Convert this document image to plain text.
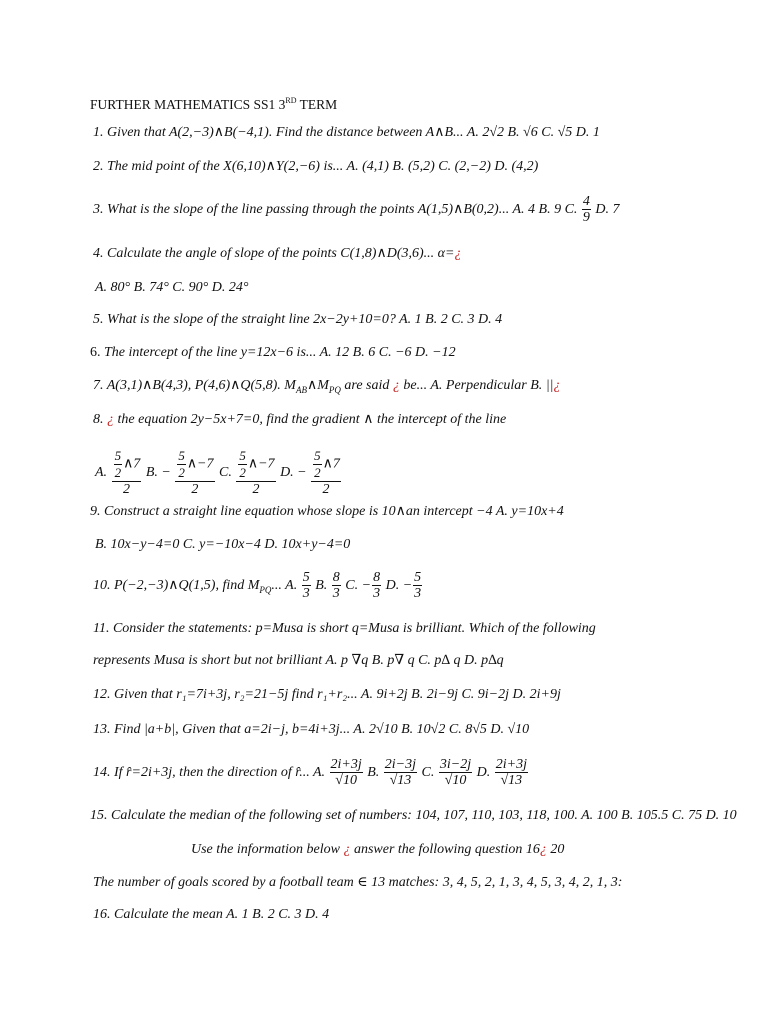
FURTHER MATHEMATICS SS1 3RD TERM
1. Given that A(2,−3)∧B(−4,1). Find the distance between A∧B... A. 2√2 B. √6 C. √5 D. 1
2. The mid point of the X(6,10)∧Y(2,−6) is... A. (4,1) B. (5,2) C. (2,−2) D. (4,2)
3. What is the slope of the line passing through the points A(1,5)∧B(0,2)... A. 4 B. 9 C. $\frac{4}{9} D$. 7
4. Calculate the angle of slope of the points C(1,8)∧D(3,6)... α=¿
A. 80° B. 74° C. 90° D. 24°
5. What is the slope of the straight line 2x−2y+10=0? A. 1 B. 2 C. 3 D. 4
6. The intercept of the line y=12x−6 is... A. 12 B. 6 C. −6 D. −12
7. A(3,1)∧B(4,3), P(4,6)∧Q(5,8). $M_{AB}\wedge M_{PQ}$ are said ¿ be... A. Perpendicular B. ||¿
8. ¿ the equation 2y−5x+7=0, find the gradient ∧ the intercept of the line
A. $\frac{\frac{5}{2} \wedge 7}{2} B$. − $\frac{\frac{5}{2} \wedge-7}{2} C$. $\frac{\frac{5}{2} \wedge-7}{2} D$. − $\frac{\frac{5}{2} \wedge 7}{2}$
9. Construct a straight line equation whose slope is 10∧an intercept −4 A. y=10x+4
B. 10x−y−4=0 C. y=−10x−4 D. 10x+y−4=0
10. P(−2,−3)∧Q(1,5), find $M_{PQ}$... A. $\frac{5}{3} B$. $\frac{8}{3} C$. − $\frac{8}{3} D$. − $\frac{5}{3}$
11. Consider the statements: p=Musa is short q=Musa is brilliant. Which of the following
represents Musa is short but not brilliant A. p ∇q B. p∇ q C. p∆ q D. p∆q
12. Given that r₁=7i+3j, r₂=21−5j find r₁+r₂... A. 9i+2j B. 2i−9j C. 9i−2j D. 2i+9j
13. Find |a+b|, Given that a=2i−j, b=4i+3j... A. 2√10 B. 10√2 C. 8√5 D. √10
14. If r̂=2i+3j, then the direction of r̂... A. $\frac{2i+3j}{√10} B$. $\frac{2i-3j}{√13} C$. $\frac{3i-2j}{√10} D$. $\frac{2i+3j}{√13}$
15. Calculate the median of the following set of numbers: 104, 107, 110, 103, 118, 100. A. 100 B. 105.5 C. 75 D. 10
Use the information below ¿ answer the following question 16¿ 20
The number of goals scored by a football team ∈ 13 matches: 3, 4, 5, 2, 1, 3, 4, 5, 3, 4, 2, 1, 3:
16. Calculate the mean A. 1 B. 2 C. 3 D. 4
